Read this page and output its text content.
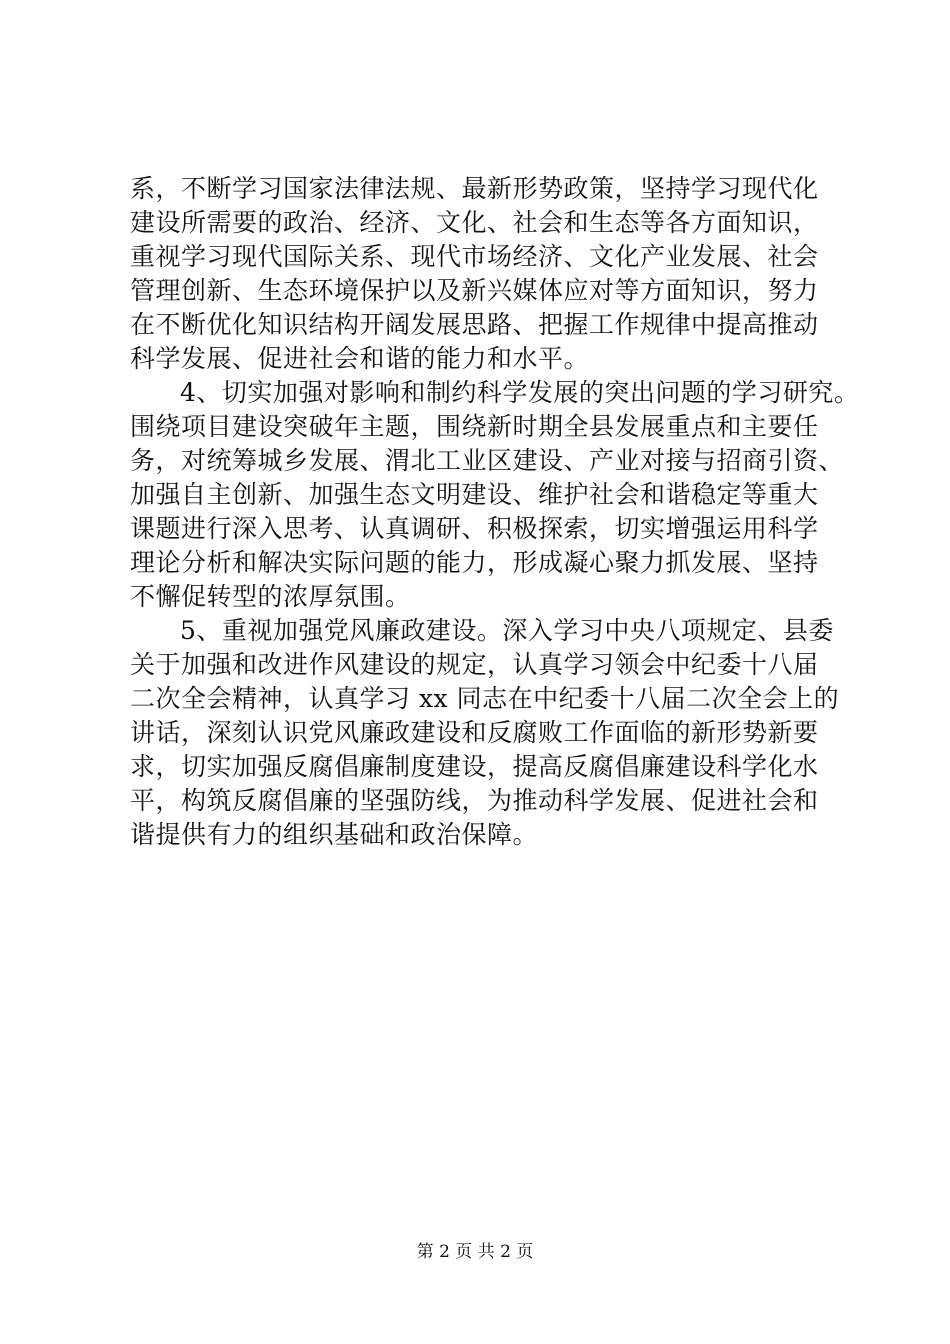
系，不断学习国家法律法规、最新形势政策，坚持学习现代化
建设所需要的政治、经济、文化、社会和生态等各方面知识，
重视学习现代国际关系、现代市场经济、文化产业发展、社会
管理创新、生态环境保护以及新兴媒体应对等方面知识，努力
在不断优化知识结构开阔发展思路、把握工作规律中提高推动
科学发展、促进社会和谐的能力和水平。
4、切实加强对影响和制约科学发展的突出问题的学习研究。
围绕项目建设突破年主题，围绕新时期全县发展重点和主要任
务，对统筹城乡发展、渭北工业区建设、产业对接与招商引资、
加强自主创新、加强生态文明建设、维护社会和谐稳定等重大
课题进行深入思考、认真调研、积极探索，切实增强运用科学
理论分析和解决实际问题的能力，形成凝心聚力抓发展、坚持
不懈促转型的浓厚氛围。
5、重视加强党风廉政建设。深入学习中央八项规定、县委
关于加强和改进作风建设的规定，认真学习领会中纪委十八届
二次全会精神，认真学习 xx 同志在中纪委十八届二次全会上的
讲话，深刻认识党风廉政建设和反腐败工作面临的新形势新要
求，切实加强反腐倡廉制度建设，提高反腐倡廉建设科学化水
平，构筑反腐倡廉的坚强防线，为推动科学发展、促进社会和
谐提供有力的组织基础和政治保障。
第 2 页 共 2 页
